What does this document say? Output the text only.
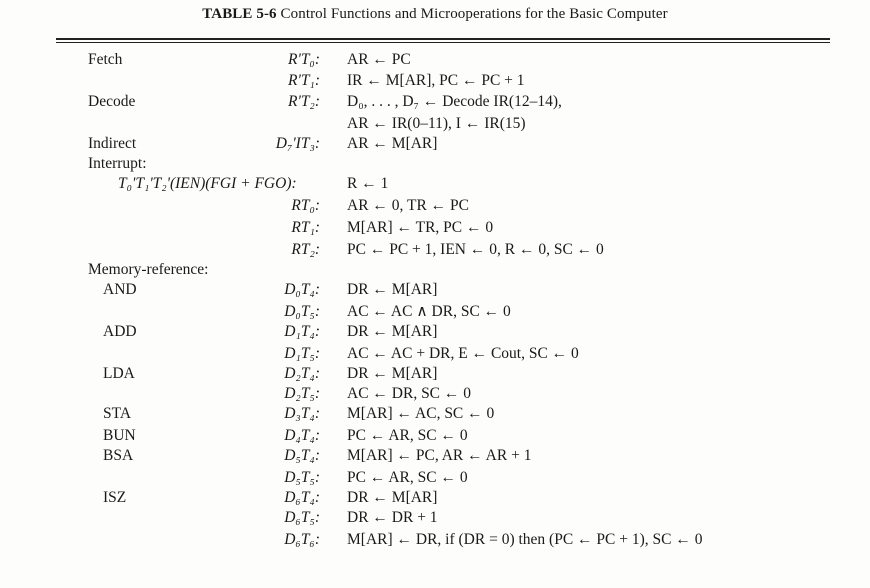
TABLE 5-6 Control Functions and Microoperations for the Basic Computer
Fetch	R'T₀: AR ← PC
R'T₁: IR ← M[AR], PC ← PC + 1
Decode	R'T₂: D₀, . . . , D₇ ← Decode IR(12–14),
AR ← IR(0–11), I ← IR(15)
Indirect	D₇'IT₃: AR ← M[AR]
Interrupt:
T₀'T₁'T₂'(IEN)(FGI + FGO):	R ← 1
RT₀: AR ← 0, TR ← PC
RT₁: M[AR] ← TR, PC ← 0
RT₂: PC ← PC + 1, IEN ← 0, R ← 0, SC ← 0
Memory-reference:
AND	D₀T₄: DR ← M[AR]
D₀T₅: AC ← AC ∧ DR, SC ← 0
ADD	D₁T₄: DR ← M[AR]
D₁T₅: AC ← AC + DR, E ← Cout, SC ← 0
LDA	D₂T₄: DR ← M[AR]
D₂T₅: AC ← DR, SC ← 0
STA	D₃T₄: M[AR] ← AC, SC ← 0
BUN	D₄T₄: PC ← AR, SC ← 0
BSA	D₅T₄: M[AR] ← PC, AR ← AR + 1
D₅T₅: PC ← AR, SC ← 0
ISZ	D₆T₄: DR ← M[AR]
D₆T₅: DR ← DR + 1
D₆T₆: M[AR] ← DR, if (DR = 0) then (PC ← PC + 1), SC ← 0
